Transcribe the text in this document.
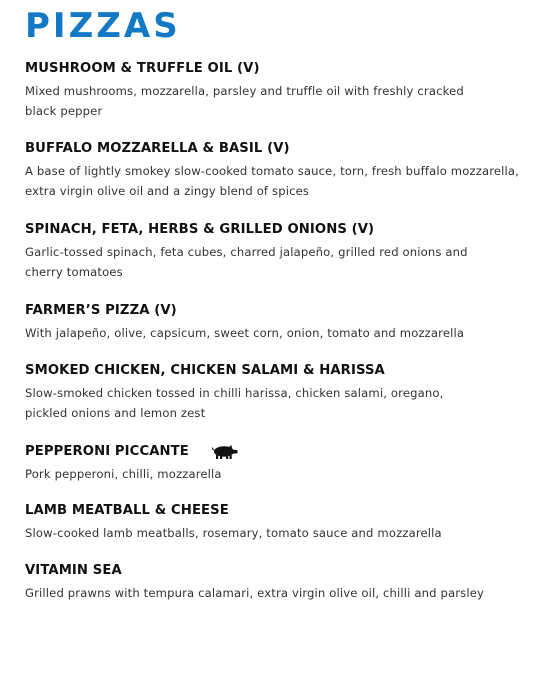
PIZZAS
MUSHROOM & TRUFFLE OIL (V)

Mixed mushrooms, mozzarella, parsley and truffle oil with freshly cracked
black pepper

BUFFALO MOZZARELLA & BASIL (V)

A base of lightly smokey slow-cooked tomato sauce, torn, fresh buffalo mozzarella,
extra virgin olive oil and a zingy blend of spices

SPINACH, FETA, HERBS & GRILLED ONIONS (V)

Garlic-tossed spinach, feta cubes, charred jalapeño, grilled red onions and
cherry tomatoes

FARMER’S PIZZA (V)

With jalapeño, olive, capsicum, sweet corn, onion, tomato and mozzarella

SMOKED CHICKEN, CHICKEN SALAMI & HARISSA

Slow-smoked chicken tossed in chilli harissa, chicken salami, oregano,
pickled onions and lemon zest

PEPPERONI PICCANTE

Pork pepperoni, chilli, mozzarella

LAMB MEATBALL & CHEESE

Slow-cooked lamb meatballs, rosemary, tomato sauce and mozzarella

VITAMIN SEA

Grilled prawns with tempura calamari, extra virgin olive oil, chilli and parsley
